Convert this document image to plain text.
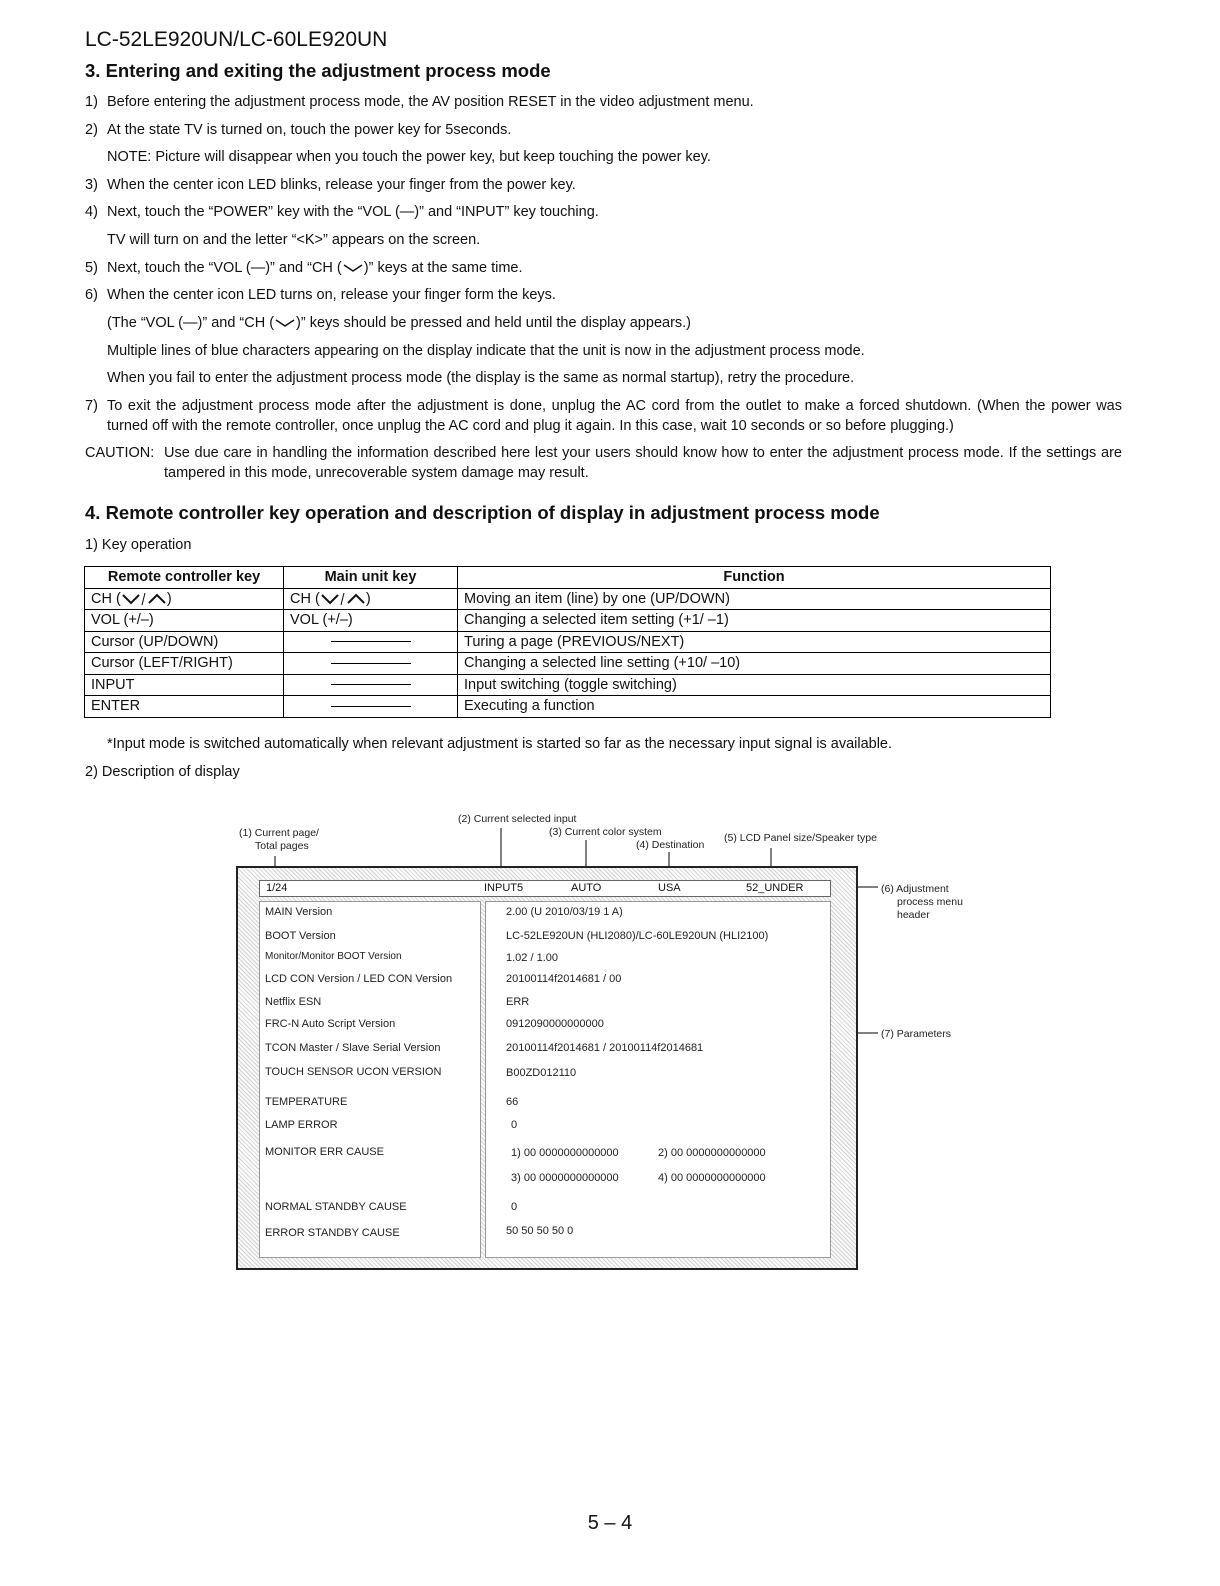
LC-52LE920UN/LC-60LE920UN
3. Entering and exiting the adjustment process mode
1) Before entering the adjustment process mode, the AV position RESET in the video adjustment menu.
2) At the state TV is turned on, touch the power key for 5seconds.
NOTE: Picture will disappear when you touch the power key, but keep touching the power key.
3) When the center icon LED blinks, release your finger from the power key.
4) Next, touch the “POWER” key with the “VOL (—)” and “INPUT” key touching.
TV will turn on and the letter “<K>” appears on the screen.
5) Next, touch the “VOL (—)” and “CH ( )” keys at the same time.
6) When the center icon LED turns on, release your finger form the keys.
(The “VOL (—)” and “CH ( )” keys should be pressed and held until the display appears.)
Multiple lines of blue characters appearing on the display indicate that the unit is now in the adjustment process mode.
When you fail to enter the adjustment process mode (the display is the same as normal startup), retry the procedure.
7) To exit the adjustment process mode after the adjustment is done, unplug the AC cord from the outlet to make a forced shutdown. (When the power was turned off with the remote controller, once unplug the AC cord and plug it again. In this case, wait 10 seconds or so before plugging.)
CAUTION: Use due care in handling the information described here lest your users should know how to enter the adjustment process mode. If the settings are tampered in this mode, unrecoverable system damage may result.
4. Remote controller key operation and description of display in adjustment process mode
1) Key operation
Remote controller key	Main unit key	Function
CH ( )	CH ( )	Moving an item (line) by one (UP/DOWN)
VOL (+/–)	VOL (+/–)	Changing a selected item setting (+1/ –1)
Cursor (UP/DOWN)		Turing a page (PREVIOUS/NEXT)
Cursor (LEFT/RIGHT)		Changing a selected line setting (+10/ –10)
INPUT		Input switching (toggle switching)
ENTER		Executing a function
*Input mode is switched automatically when relevant adjustment is started so far as the necessary input signal is available.
2) Description of display
(1) Current page/
Total pages
(2) Current selected input
(3) Current color system
(4) Destination
(5) LCD Panel size/Speaker type
(6) Adjustment
process menu
header
(7) Parameters
1/24	INPUT5	AUTO	USA	52_UNDER
MAIN Version	2.00 (U 2010/03/19 1 A)
BOOT Version	LC-52LE920UN (HLI2080)/LC-60LE920UN (HLI2100)
Monitor/Monitor BOOT Version	1.02 / 1.00
LCD CON Version / LED CON Version	20100114f2014681 / 00
Netflix ESN	ERR
FRC-N Auto Script Version	0912090000000000
TCON Master / Slave Serial Version	20100114f2014681 / 20100114f2014681
TOUCH SENSOR UCON VERSION	B00ZD012110
TEMPERATURE	66
LAMP ERROR	0
MONITOR ERR CAUSE	1) 00 0000000000000	2) 00 0000000000000
3) 00 0000000000000	4) 00 0000000000000
NORMAL STANDBY CAUSE	0
ERROR STANDBY CAUSE	50 50 50 50 0
5 – 4
